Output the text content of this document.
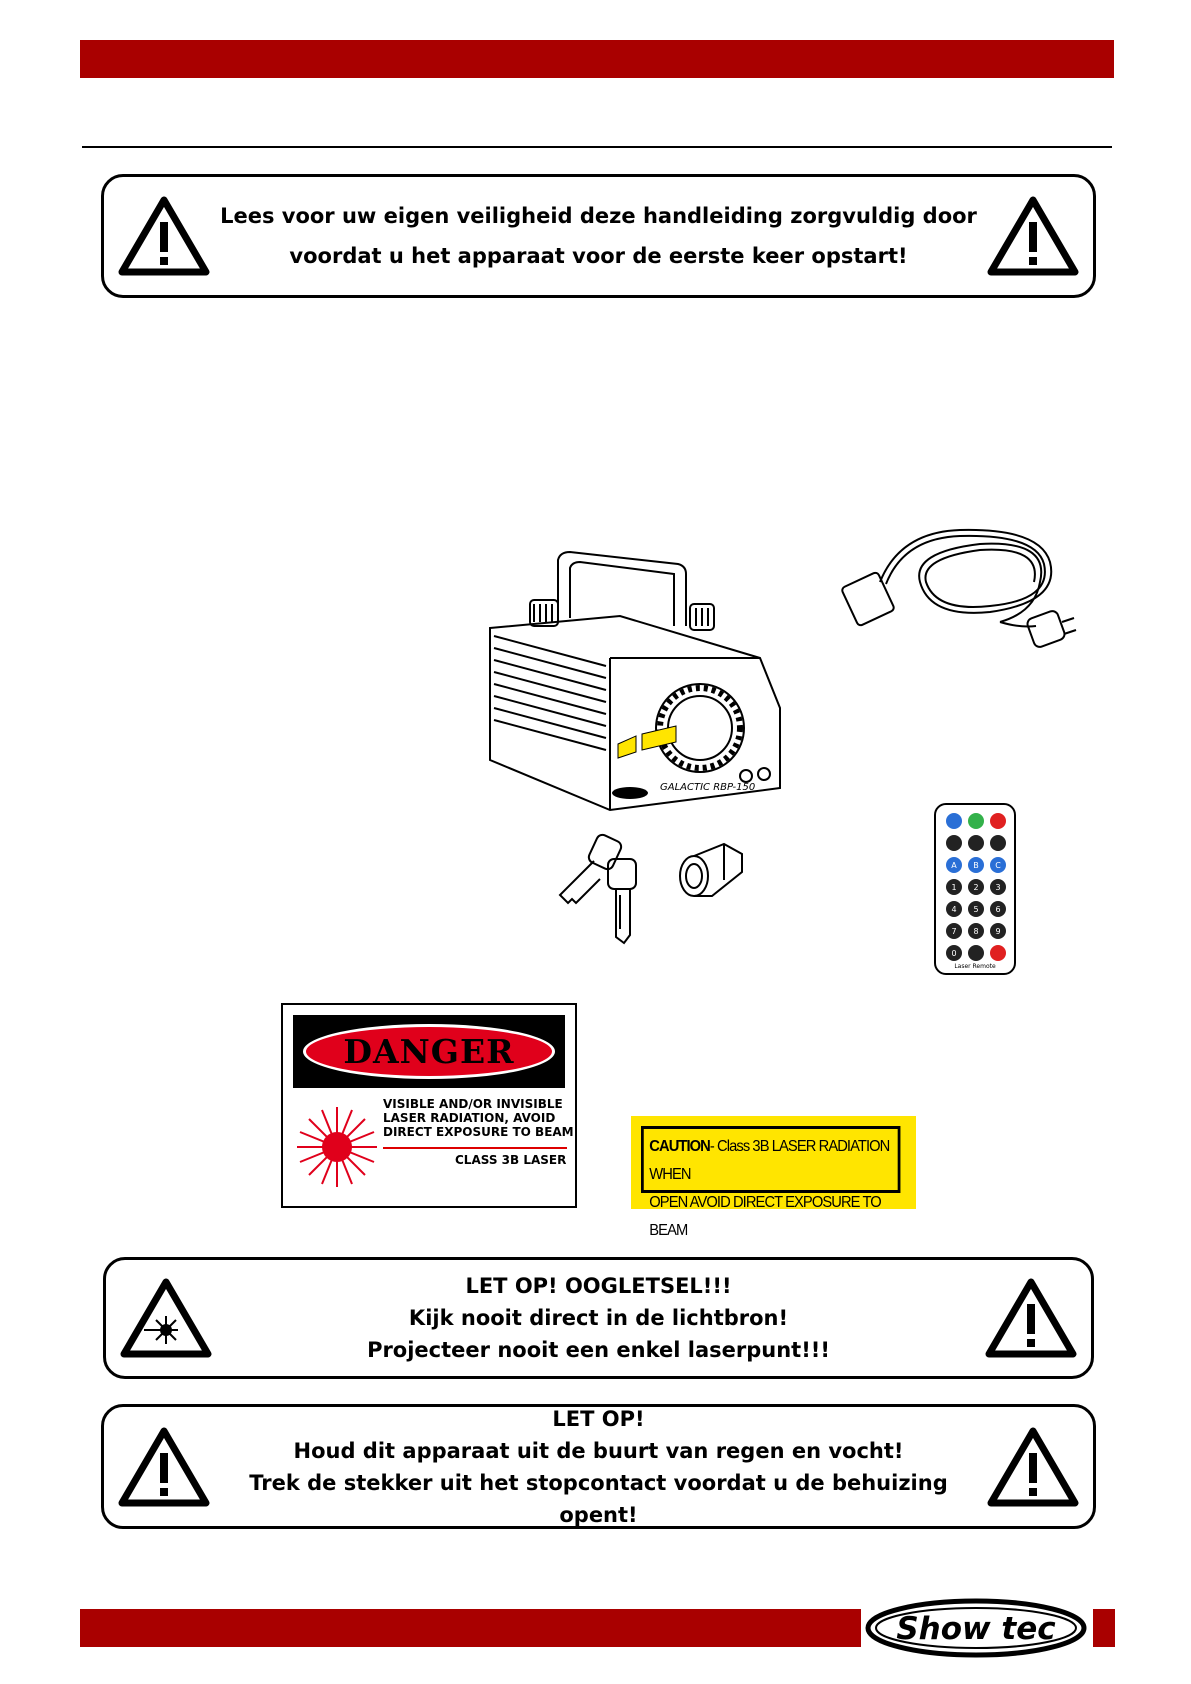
Lees voor uw eigen veiligheid deze handleiding zorgvuldig door
voordat u het apparaat voor de eerste keer opstart!
GALACTIC RBP-150
A B C
1 2 3
4 5 6
7 8 9
0
Laser Remote
DANGER
VISIBLE AND/OR INVISIBLE
LASER RADIATION, AVOID
DIRECT EXPOSURE TO BEAM
CLASS 3B LASER
CAUTION- Class 3B LASER RADIATION WHEN
OPEN AVOID DIRECT EXPOSURE TO BEAM
LET OP! OOGLETSEL!!!
Kijk nooit direct in de lichtbron!
Projecteer nooit een enkel laserpunt!!!
LET OP!
Houd dit apparaat uit de buurt van regen en vocht!
Trek de stekker uit het stopcontact voordat u de behuizing opent!
Show tec
